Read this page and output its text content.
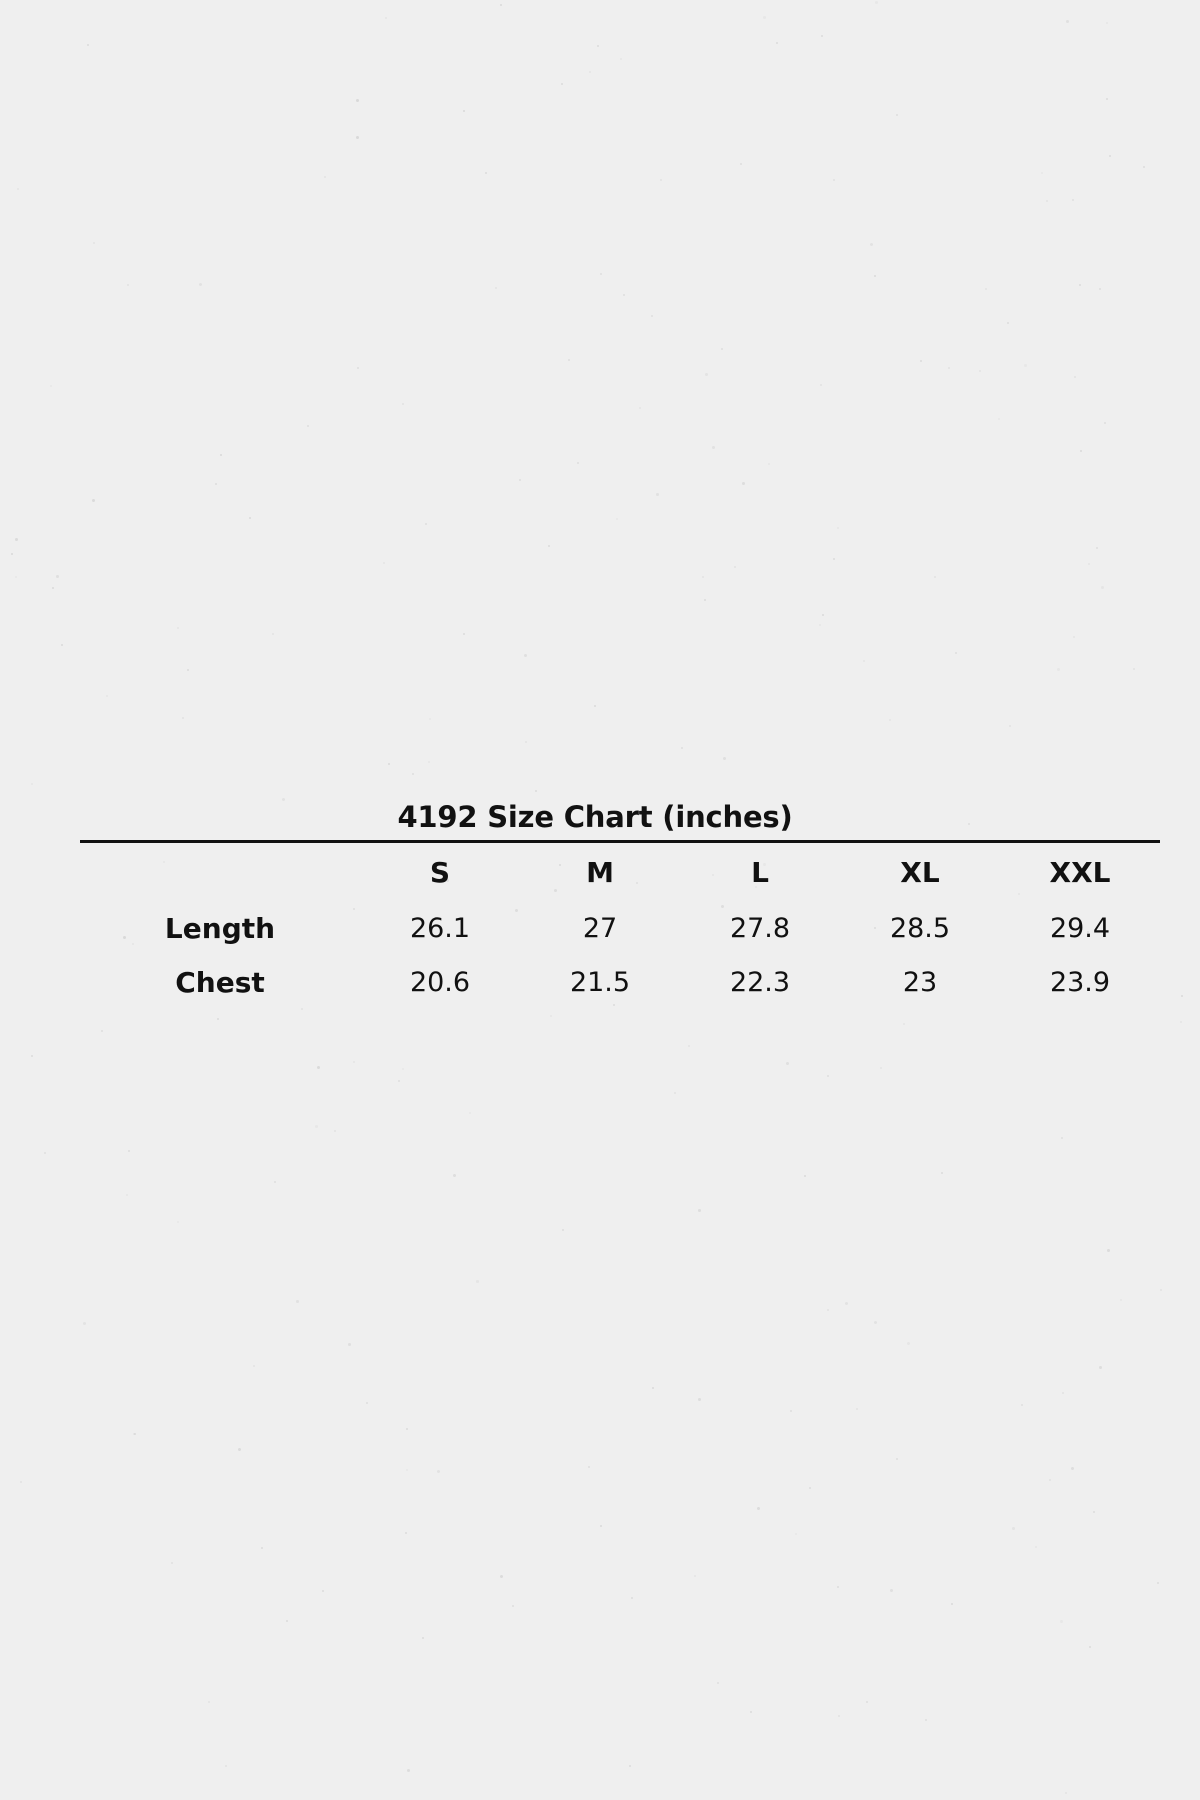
4192 Size Chart (inches)
	S	M	L	XL	XXL
Length	26.1	27	27.8	28.5	29.4
Chest	20.6	21.5	22.3	23	23.9
